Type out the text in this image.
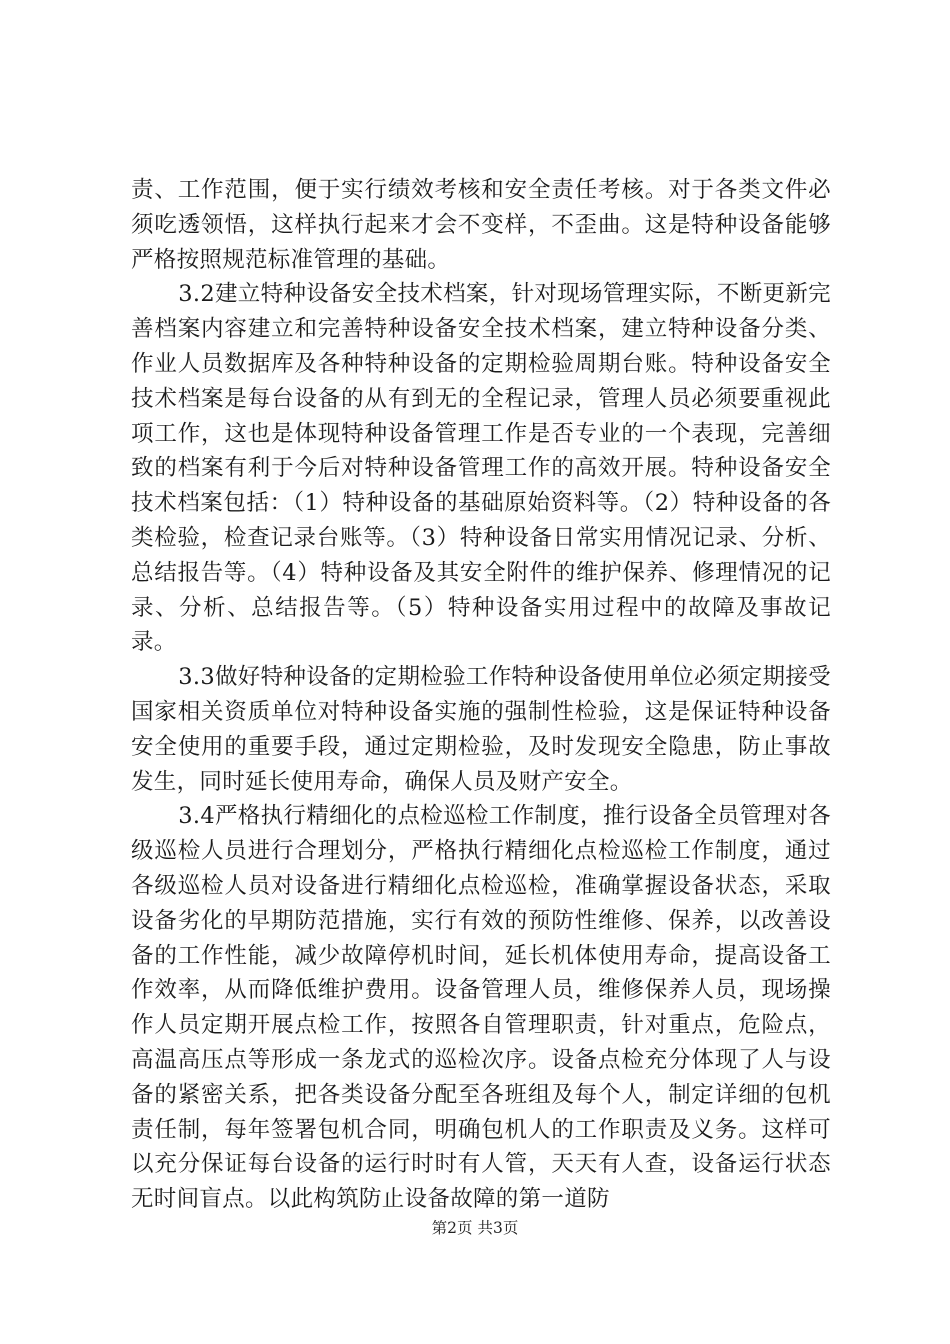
责、工作范围，便于实行绩效考核和安全责任考核。对于各类文件必须吃透领悟，这样执行起来才会不变样，不歪曲。这是特种设备能够严格按照规范标准管理的基础。

3.2建立特种设备安全技术档案，针对现场管理实际，不断更新完善档案内容建立和完善特种设备安全技术档案，建立特种设备分类、作业人员数据库及各种特种设备的定期检验周期台账。特种设备安全技术档案是每台设备的从有到无的全程记录，管理人员必须要重视此项工作，这也是体现特种设备管理工作是否专业的一个表现，完善细致的档案有利于今后对特种设备管理工作的高效开展。特种设备安全技术档案包括：（1）特种设备的基础原始资料等。（2）特种设备的各类检验，检查记录台账等。（3）特种设备日常实用情况记录、分析、总结报告等。（4）特种设备及其安全附件的维护保养、修理情况的记录、分析、总结报告等。（5）特种设备实用过程中的故障及事故记录。

3.3做好特种设备的定期检验工作特种设备使用单位必须定期接受国家相关资质单位对特种设备实施的强制性检验，这是保证特种设备安全使用的重要手段，通过定期检验，及时发现安全隐患，防止事故发生，同时延长使用寿命，确保人员及财产安全。

3.4严格执行精细化的点检巡检工作制度，推行设备全员管理对各级巡检人员进行合理划分，严格执行精细化点检巡检工作制度，通过各级巡检人员对设备进行精细化点检巡检，准确掌握设备状态，采取设备劣化的早期防范措施，实行有效的预防性维修、保养，以改善设备的工作性能，减少故障停机时间，延长机体使用寿命，提高设备工作效率，从而降低维护费用。设备管理人员，维修保养人员，现场操作人员定期开展点检工作，按照各自管理职责，针对重点，危险点，高温高压点等形成一条龙式的巡检次序。设备点检充分体现了人与设备的紧密关系，把各类设备分配至各班组及每个人，制定详细的包机责任制，每年签署包机合同，明确包机人的工作职责及义务。这样可以充分保证每台设备的运行时时有人管，天天有人查，设备运行状态无时间盲点。以此构筑防止设备故障的第一道防

第2页 共3页
